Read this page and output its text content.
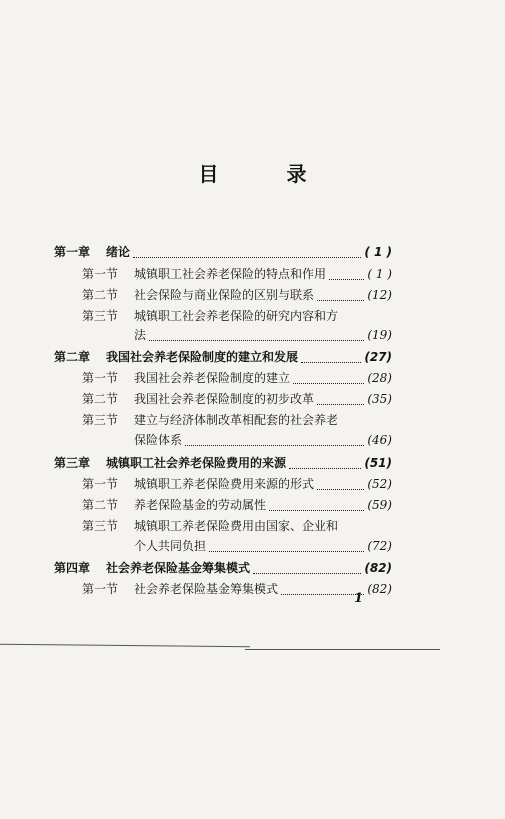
目　录
第一章	绪论	( 1 )
第一节	城镇职工社会养老保险的特点和作用	( 1 )
第二节	社会保险与商业保险的区别与联系	(12)
第三节	城镇职工社会养老保险的研究内容和方
法	(19)
第二章	我国社会养老保险制度的建立和发展	(27)
第一节	我国社会养老保险制度的建立	(28)
第二节	我国社会养老保险制度的初步改革	(35)
第三节	建立与经济体制改革相配套的社会养老
保险体系	(46)
第三章	城镇职工社会养老保险费用的来源	(51)
第一节	城镇职工养老保险费用来源的形式	(52)
第二节	养老保险基金的劳动属性	(59)
第三节	城镇职工养老保险费用由国家、企业和
个人共同负担	(72)
第四章	社会养老保险基金筹集模式	(82)
第一节	社会养老保险基金筹集模式	(82)
1
